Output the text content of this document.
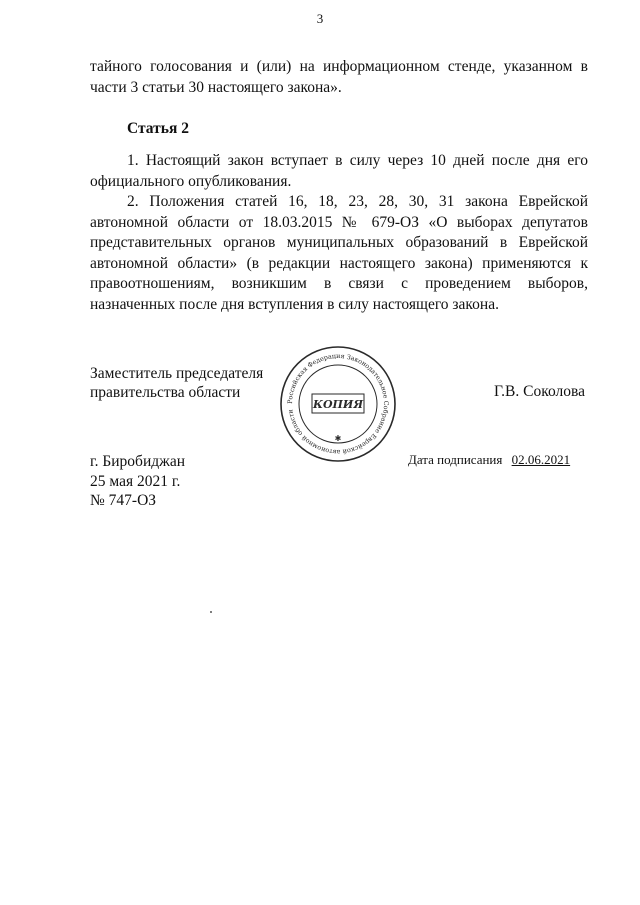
3

тайного голосования и (или) на информационном стенде, указанном в части 3 статьи 30 настоящего закона».

Статья 2

1. Настоящий закон вступает в силу через 10 дней после дня его официального опубликования.

2. Положения статей 16, 18, 23, 28, 30, 31 закона Еврейской автономной области от 18.03.2015 № 679-ОЗ «О выборах депутатов представительных органов муниципальных образований в Еврейской автономной области» (в редакции настоящего закона) применяются к правоотношениям, возникшим в связи с проведением выборов, назначенных после дня вступления в силу настоящего закона.

Заместитель председателя
правительства области	Г.В. Соколова
Российская Федерация Законодательное Собрание Еврейской автономной области
КОПИЯ
✱
Дата подписания 02.06.2021
г. Биробиджан
25 мая 2021 г.
№ 747-ОЗ
